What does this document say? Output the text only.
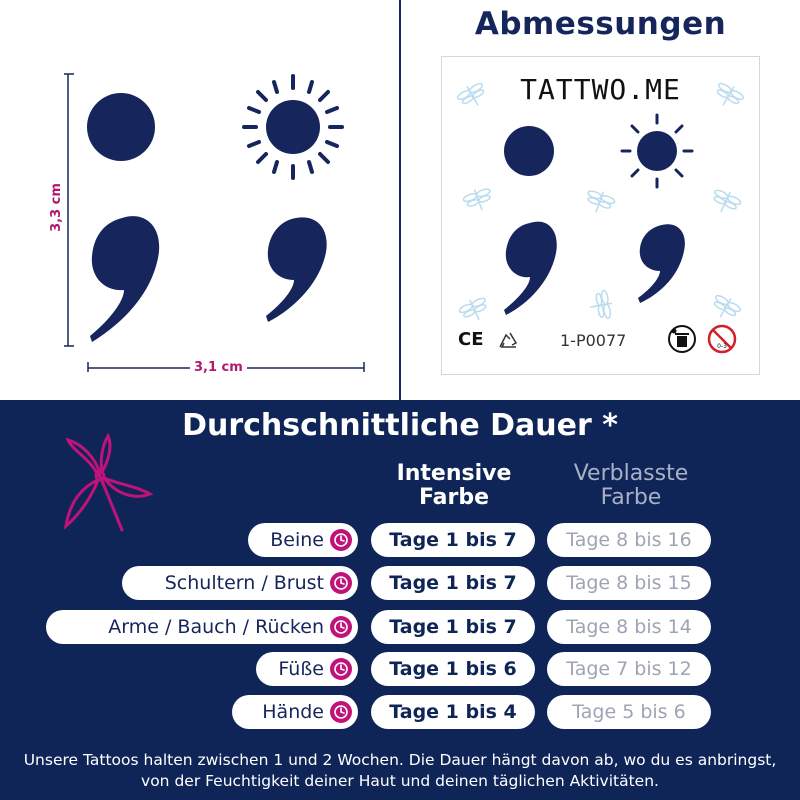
3,3 cm
3,1 cm
Abmessungen
TATTWO.ME
0-3
CE	1-P0077
Durchschnittliche Dauer *
Intensive Farbe
Verblasste Farbe
Beine	Tage 1 bis 7	Tage 8 bis 16
Schultern / Brust	Tage 1 bis 7	Tage 8 bis 15
Arme / Bauch / Rücken	Tage 1 bis 7	Tage 8 bis 14
Füße	Tage 1 bis 6	Tage 7 bis 12
Hände	Tage 1 bis 4	Tage 5 bis 6
Unsere Tattoos halten zwischen 1 und 2 Wochen. Die Dauer hängt davon ab, wo du es anbringst, von der Feuchtigkeit deiner Haut und deinen täglichen Aktivitäten.
